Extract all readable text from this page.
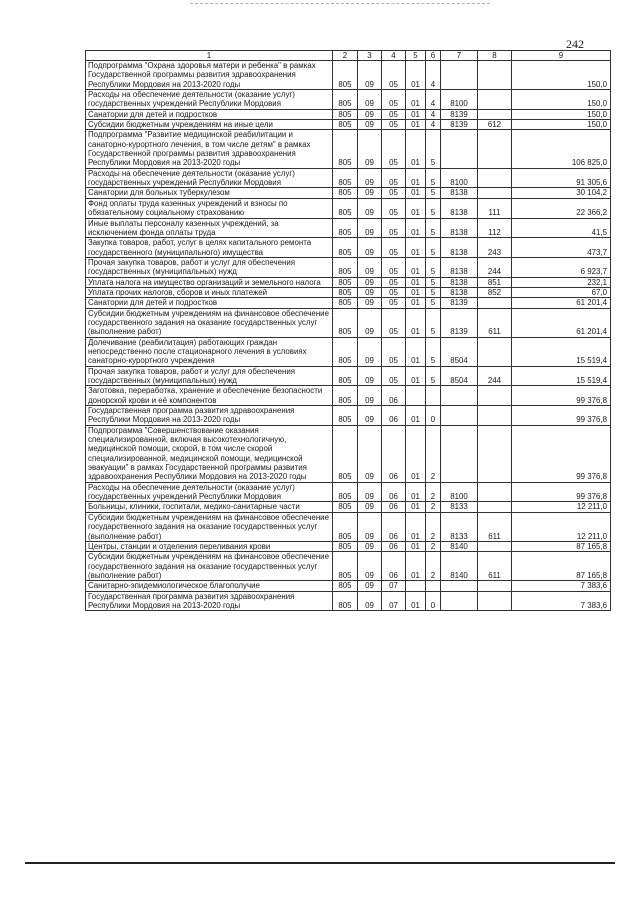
242
1	2	3	4	5	6	7	8	9
Подпрограмма "Охрана здоровья матери и ребенка" в рамках Государственной программы развития здравоохранения Республики Мордовия на 2013-2020 годы	805	09	05	01	4			150,0
Расходы на обеспечение деятельности (оказание услуг) государственных учреждений Республики Мордовия	805	09	05	01	4	8100		150,0
Санатории для детей и подростков	805	09	05	01	4	8139		150,0
Субсидии бюджетным учреждениям на иные цели	805	09	05	01	4	8139	612	150,0
Подпрограмма "Развитие медицинской реабилитации и санаторно-курортного лечения, в том числе детям" в рамках Государственной программы развития здравоохранения Республики Мордовия на 2013-2020 годы	805	09	05	01	5			106 825,0
Расходы на обеспечение деятельности (оказание услуг) государственных учреждений Республики Мордовия	805	09	05	01	5	8100		91 305,6
Санатории для больных туберкулезом	805	09	05	01	5	8138		30 104,2
Фонд оплаты труда казенных учреждений и взносы по обязательному социальному страхованию	805	09	05	01	5	8138	111	22 366,2
Иные выплаты персоналу казенных учреждений, за исключением фонда оплаты труда	805	09	05	01	5	8138	112	41,5
Закупка товаров, работ, услуг в целях капитального ремонта государственного (муниципального) имущества	805	09	05	01	5	8138	243	473,7
Прочая закупка товаров, работ и услуг для обеспечения государственных (муниципальных) нужд	805	09	05	01	5	8138	244	6 923,7
Уплата налога на имущество организаций и земельного налога	805	09	05	01	5	8138	851	232,1
Уплата прочих налогов, сборов и иных платежей	805	09	05	01	5	8138	852	67,0
Санатории для детей и подростков	805	09	05	01	5	8139		61 201,4
Субсидии бюджетным учреждениям на финансовое обеспечение государственного задания на оказание государственных услуг (выполнение работ)	805	09	05	01	5	8139	611	61 201,4
Долечивание (реабилитация) работающих граждан непосредственно после стационарного лечения в условиях санаторно-курортного учреждения	805	09	05	01	5	8504		15 519,4
Прочая закупка товаров, работ и услуг для обеспечения государственных (муниципальных) нужд	805	09	05	01	5	8504	244	15 519,4
Заготовка, переработка, хранение и обеспечение безопасности донорской крови и её компонентов	805	09	06					99 376,8
Государственная программа развития здравоохранения Республики Мордовия на 2013-2020 годы	805	09	06	01	0			99 376,8
Подпрограмма "Совершенствование оказания специализированной, включая высокотехнологичную, медицинской помощи, скорой, в том числе скорой специализированной, медицинской помощи, медицинской эвакуации" в рамках Государственной программы развития здравоохранения Республики Мордовия на 2013-2020 годы	805	09	06	01	2			99 376,8
Расходы на обеспечение деятельности (оказание услуг) государственных учреждений Республики Мордовия	805	09	06	01	2	8100		99 376,8
Больницы, клиники, госпитали, медико-санитарные части	805	09	06	01	2	8133		12 211,0
Субсидии бюджетным учреждениям на финансовое обеспечение государственного задания на оказание государственных услуг (выполнение работ)	805	09	06	01	2	8133	611	12 211,0
Центры, станции и отделения переливания крови	805	09	06	01	2	8140		87 165,8
Субсидии бюджетным учреждениям на финансовое обеспечение государственного задания на оказание государственных услуг (выполнение работ)	805	09	06	01	2	8140	611	87 165,8
Санитарно-эпидемиологическое благополучие	805	09	07					7 383,6
Государственная программа развития здравоохранения Республики Мордовия на 2013-2020 годы	805	09	07	01	0			7 383,6
